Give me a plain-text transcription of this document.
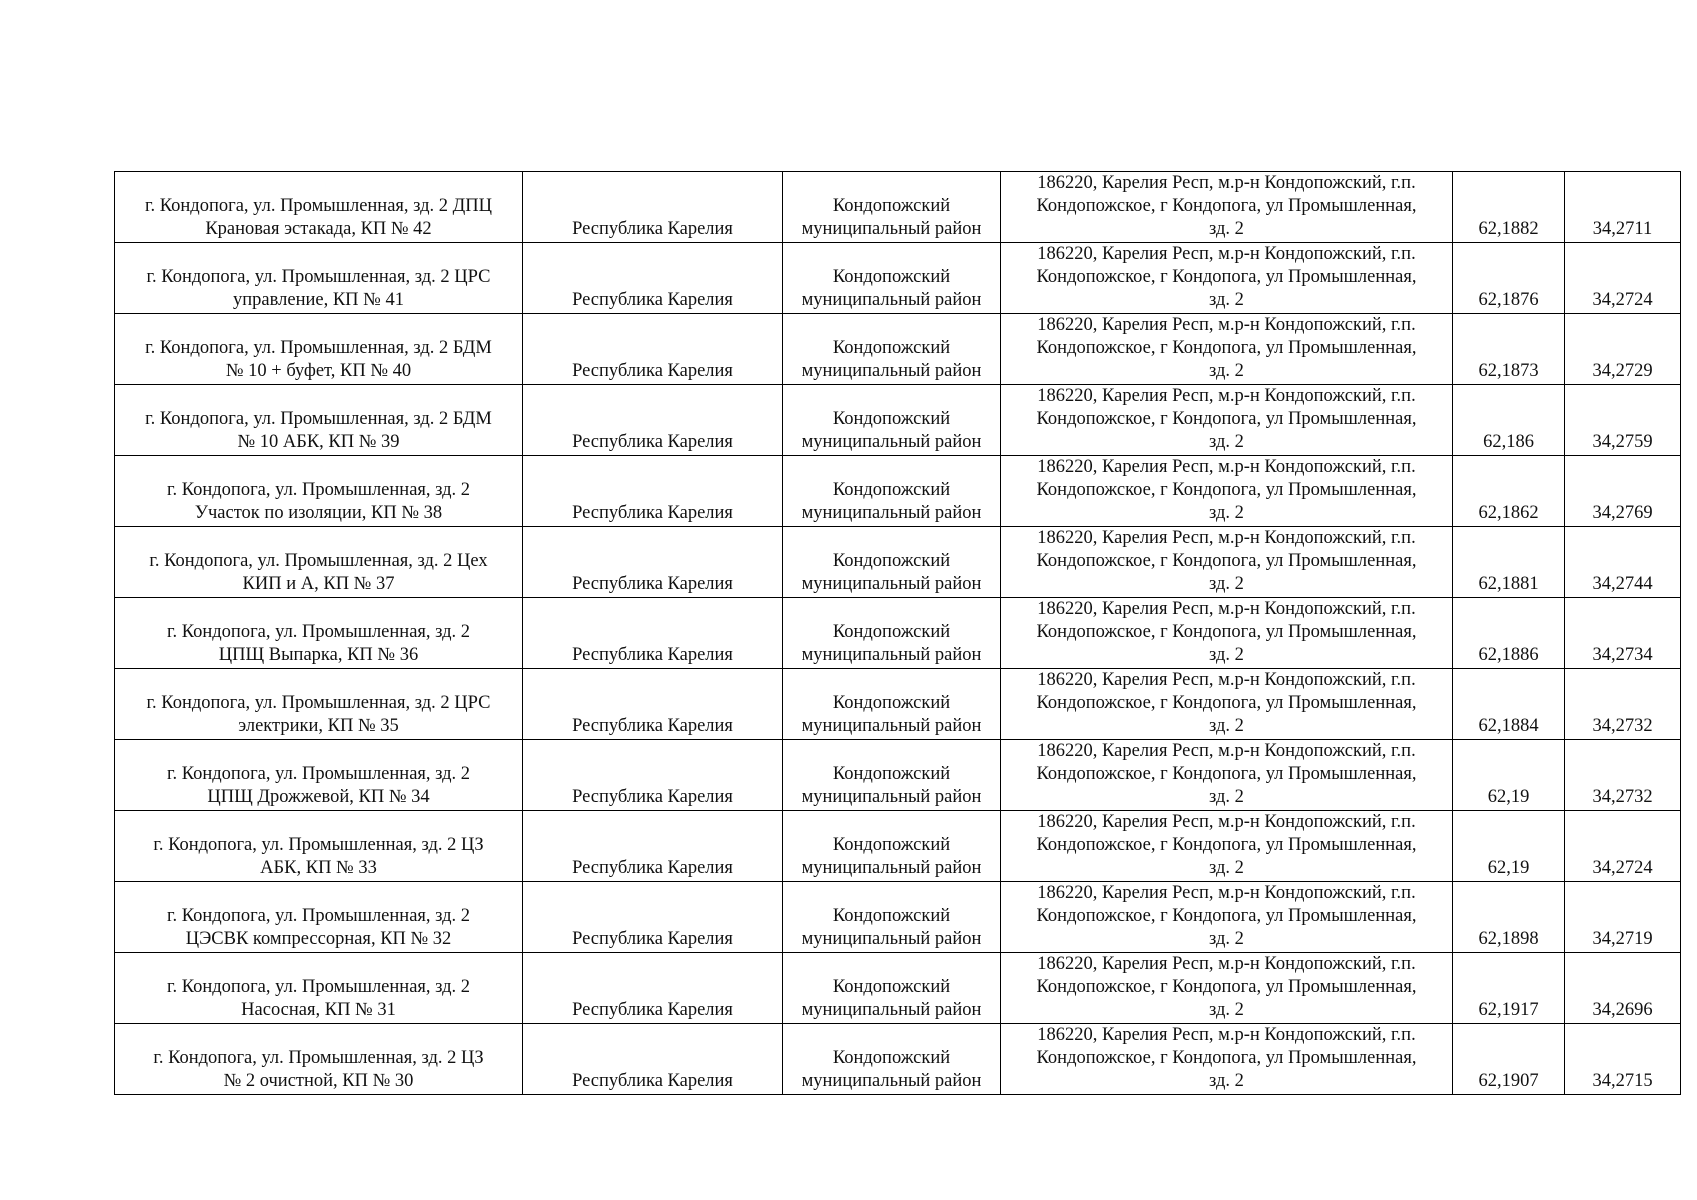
г. Кондопога, ул. Промышленная, зд. 2 ДПЦ
Крановая эстакада, КП № 42	Республика Карелия	Кондопожский
муниципальный район	186220, Карелия Респ, м.р-н Кондопожский, г.п.
Кондопожское, г Кондопога, ул Промышленная,
зд. 2	62,1882	34,2711

г. Кондопога, ул. Промышленная, зд. 2 ЦРС
управление, КП № 41	Республика Карелия	Кондопожский
муниципальный район	186220, Карелия Респ, м.р-н Кондопожский, г.п.
Кондопожское, г Кондопога, ул Промышленная,
зд. 2	62,1876	34,2724

г. Кондопога, ул. Промышленная, зд. 2 БДМ
№ 10 + буфет, КП № 40	Республика Карелия	Кондопожский
муниципальный район	186220, Карелия Респ, м.р-н Кондопожский, г.п.
Кондопожское, г Кондопога, ул Промышленная,
зд. 2	62,1873	34,2729

г. Кондопога, ул. Промышленная, зд. 2 БДМ
№ 10 АБК, КП № 39	Республика Карелия	Кондопожский
муниципальный район	186220, Карелия Респ, м.р-н Кондопожский, г.п.
Кондопожское, г Кондопога, ул Промышленная,
зд. 2	62,186	34,2759

г. Кондопога, ул. Промышленная, зд. 2
Участок по изоляции, КП № 38	Республика Карелия	Кондопожский
муниципальный район	186220, Карелия Респ, м.р-н Кондопожский, г.п.
Кондопожское, г Кондопога, ул Промышленная,
зд. 2	62,1862	34,2769

г. Кондопога, ул. Промышленная, зд. 2 Цех
КИП и А, КП № 37	Республика Карелия	Кондопожский
муниципальный район	186220, Карелия Респ, м.р-н Кондопожский, г.п.
Кондопожское, г Кондопога, ул Промышленная,
зд. 2	62,1881	34,2744

г. Кондопога, ул. Промышленная, зд. 2
ЦПЩ Выпарка, КП № 36	Республика Карелия	Кондопожский
муниципальный район	186220, Карелия Респ, м.р-н Кондопожский, г.п.
Кондопожское, г Кондопога, ул Промышленная,
зд. 2	62,1886	34,2734

г. Кондопога, ул. Промышленная, зд. 2 ЦРС
электрики, КП № 35	Республика Карелия	Кондопожский
муниципальный район	186220, Карелия Респ, м.р-н Кондопожский, г.п.
Кондопожское, г Кондопога, ул Промышленная,
зд. 2	62,1884	34,2732

г. Кондопога, ул. Промышленная, зд. 2
ЦПЩ Дрожжевой, КП № 34	Республика Карелия	Кондопожский
муниципальный район	186220, Карелия Респ, м.р-н Кондопожский, г.п.
Кондопожское, г Кондопога, ул Промышленная,
зд. 2	62,19	34,2732

г. Кондопога, ул. Промышленная, зд. 2 ЦЗ
АБК, КП № 33	Республика Карелия	Кондопожский
муниципальный район	186220, Карелия Респ, м.р-н Кондопожский, г.п.
Кондопожское, г Кондопога, ул Промышленная,
зд. 2	62,19	34,2724

г. Кондопога, ул. Промышленная, зд. 2
ЦЭСВК компрессорная, КП № 32	Республика Карелия	Кондопожский
муниципальный район	186220, Карелия Респ, м.р-н Кондопожский, г.п.
Кондопожское, г Кондопога, ул Промышленная,
зд. 2	62,1898	34,2719

г. Кондопога, ул. Промышленная, зд. 2
Насосная, КП № 31	Республика Карелия	Кондопожский
муниципальный район	186220, Карелия Респ, м.р-н Кондопожский, г.п.
Кондопожское, г Кондопога, ул Промышленная,
зд. 2	62,1917	34,2696

г. Кондопога, ул. Промышленная, зд. 2 ЦЗ
№ 2 очистной, КП № 30	Республика Карелия	Кондопожский
муниципальный район	186220, Карелия Респ, м.р-н Кондопожский, г.п.
Кондопожское, г Кондопога, ул Промышленная,
зд. 2	62,1907	34,2715
